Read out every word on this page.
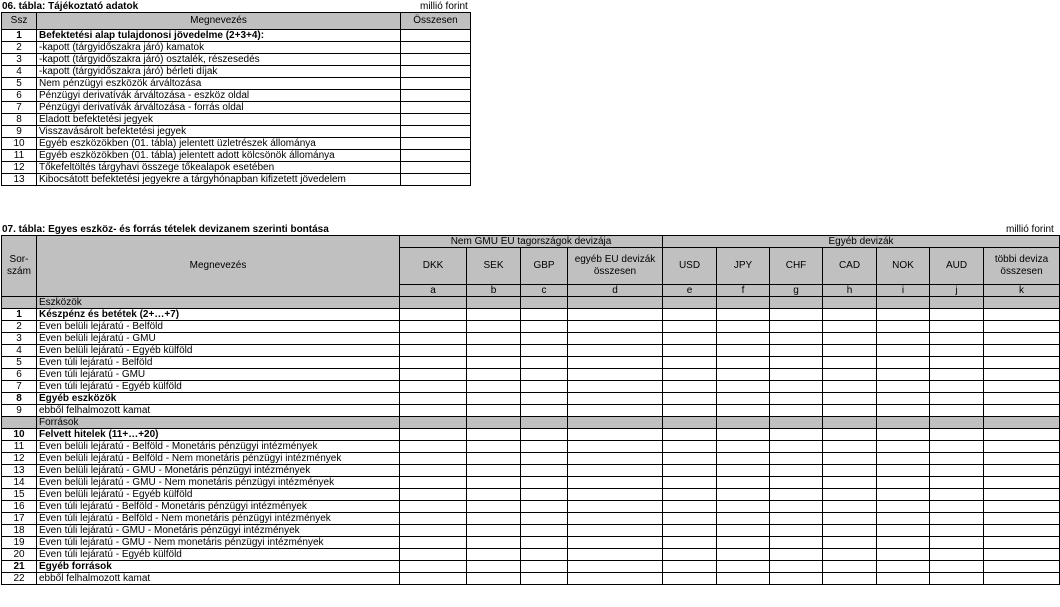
06. tábla: Tájékoztató adatok	millió forint
Ssz	Megnevezés	Összesen
1	Befektetési alap tulajdonosi jövedelme (2+3+4):	
2	-kapott (tárgyidőszakra járó) kamatok	
3	-kapott (tárgyidőszakra járó) osztalék, részesedés	
4	-kapott (tárgyidőszakra járó) bérleti díjak	
5	Nem pénzügyi eszközök árváltozása	
6	Pénzügyi derivatívák árváltozása - eszköz oldal	
7	Pénzügyi derivatívák árváltozása - forrás oldal	
8	Eladott befektetési jegyek	
9	Visszavásárolt befektetési jegyek	
10	Egyéb eszközökben (01. tábla) jelentett üzletrészek állománya	
11	Egyéb eszközökben (01. tábla) jelentett adott kölcsönök állománya	
12	Tőkefeltöltés tárgyhavi összege tőkealapok esetében	
13	Kibocsátott befektetési jegyekre a tárgyhónapban kifizetett jövedelem	
07. tábla: Egyes eszköz- és forrás tételek devizanem szerinti bontása	millió forint
Sor-
szám	Megnevezés	Nem GMU EU tagországok devizája				Egyéb devizák						
		DKK	SEK	GBP	egyéb EU devizák összesen	USD	JPY	CHF	CAD	NOK	AUD	többi deviza összesen
		a	b	c	d	e	f	g	h	i	j	k
	Eszközök											
1	Készpénz és betétek (2+…+7)											
2	Éven belüli lejáratú - Belföld											
3	Éven belüli lejáratú - GMU											
4	Éven belüli lejáratú - Egyéb külföld											
5	Éven túli lejáratú - Belföld											
6	Éven túli lejáratú - GMU											
7	Éven túli lejáratú - Egyéb külföld											
8	Egyéb eszközök											
9	ebből felhalmozott kamat											
	Források											
10	Felvett hitelek (11+…+20)											
11	Éven belüli lejáratú - Belföld - Monetáris pénzügyi intézmények											
12	Éven belüli lejáratú - Belföld - Nem monetáris pénzügyi intézmények											
13	Éven belüli lejáratú - GMU - Monetáris pénzügyi intézmények											
14	Éven belüli lejáratú - GMU - Nem monetáris pénzügyi intézmények											
15	Éven belüli lejáratú - Egyéb külföld											
16	Éven túli lejáratú - Belföld - Monetáris pénzügyi intézmények											
17	Éven túli lejáratú - Belföld - Nem monetáris pénzügyi intézmények											
18	Éven túli lejáratú - GMU - Monetáris pénzügyi intézmények											
19	Éven túli lejáratú - GMU - Nem monetáris pénzügyi intézmények											
20	Éven túli lejáratú - Egyéb külföld											
21	Egyéb források											
22	ebből felhalmozott kamat											
